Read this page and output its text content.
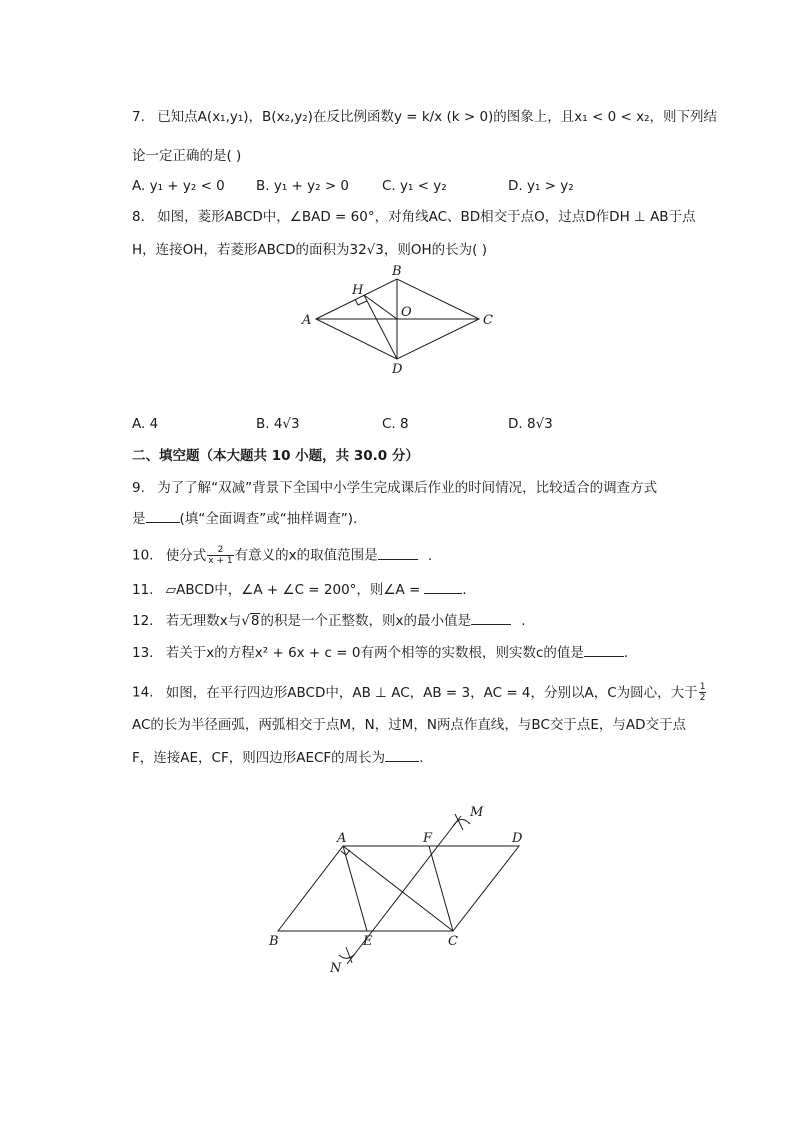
7. 已知点A(x₁,y₁)，B(x₂,y₂)在反比例函数y = k/x (k > 0)的图象上，且x₁ < 0 < x₂，则下列结
论一定正确的是( )
A. y₁ + y₂ < 0 B. y₁ + y₂ > 0 C. y₁ < y₂	D. y₁ > y₂
8. 如图，菱形ABCD中，∠BAD = 60°，对角线AC、BD相交于点O，过点D作DH ⊥ AB于点
H，连接OH，若菱形ABCD的面积为32√3，则OH的长为( )
A
B
C
D
O
H
A. 4	B. 4√3	C. 8	D. 8√3
二、填空题（本大题共 10 小题，共 30.0 分）
9. 为了了解“双减”背景下全国中小学生完成课后作业的时间情况，比较适合的调查方式
是	(填“全面调查”或“抽样调查”).
10. 使分式 $\frac{2}{x + 1}$ 有意义的x的取值范围是	.
11. ▱ABCD中，∠A + ∠C = 200°，则∠A =	.
12. 若无理数x与√8的积是一个正整数，则x的最小值是	.
13. 若关于x的方程x² + 6x + c = 0有两个相等的实数根，则实数c的值是	.
14. 如图，在平行四边形ABCD中，AB ⊥ AC，AB = 3，AC = 4，分别以A，C为圆心，大于 $\frac{1}{2}$
AC的长为半径画弧，两弧相交于点M，N，过M，N两点作直线，与BC交于点E，与AD交于点
F，连接AE，CF，则四边形AECF的周长为	.
A
B	C
D
E
F
M
N
